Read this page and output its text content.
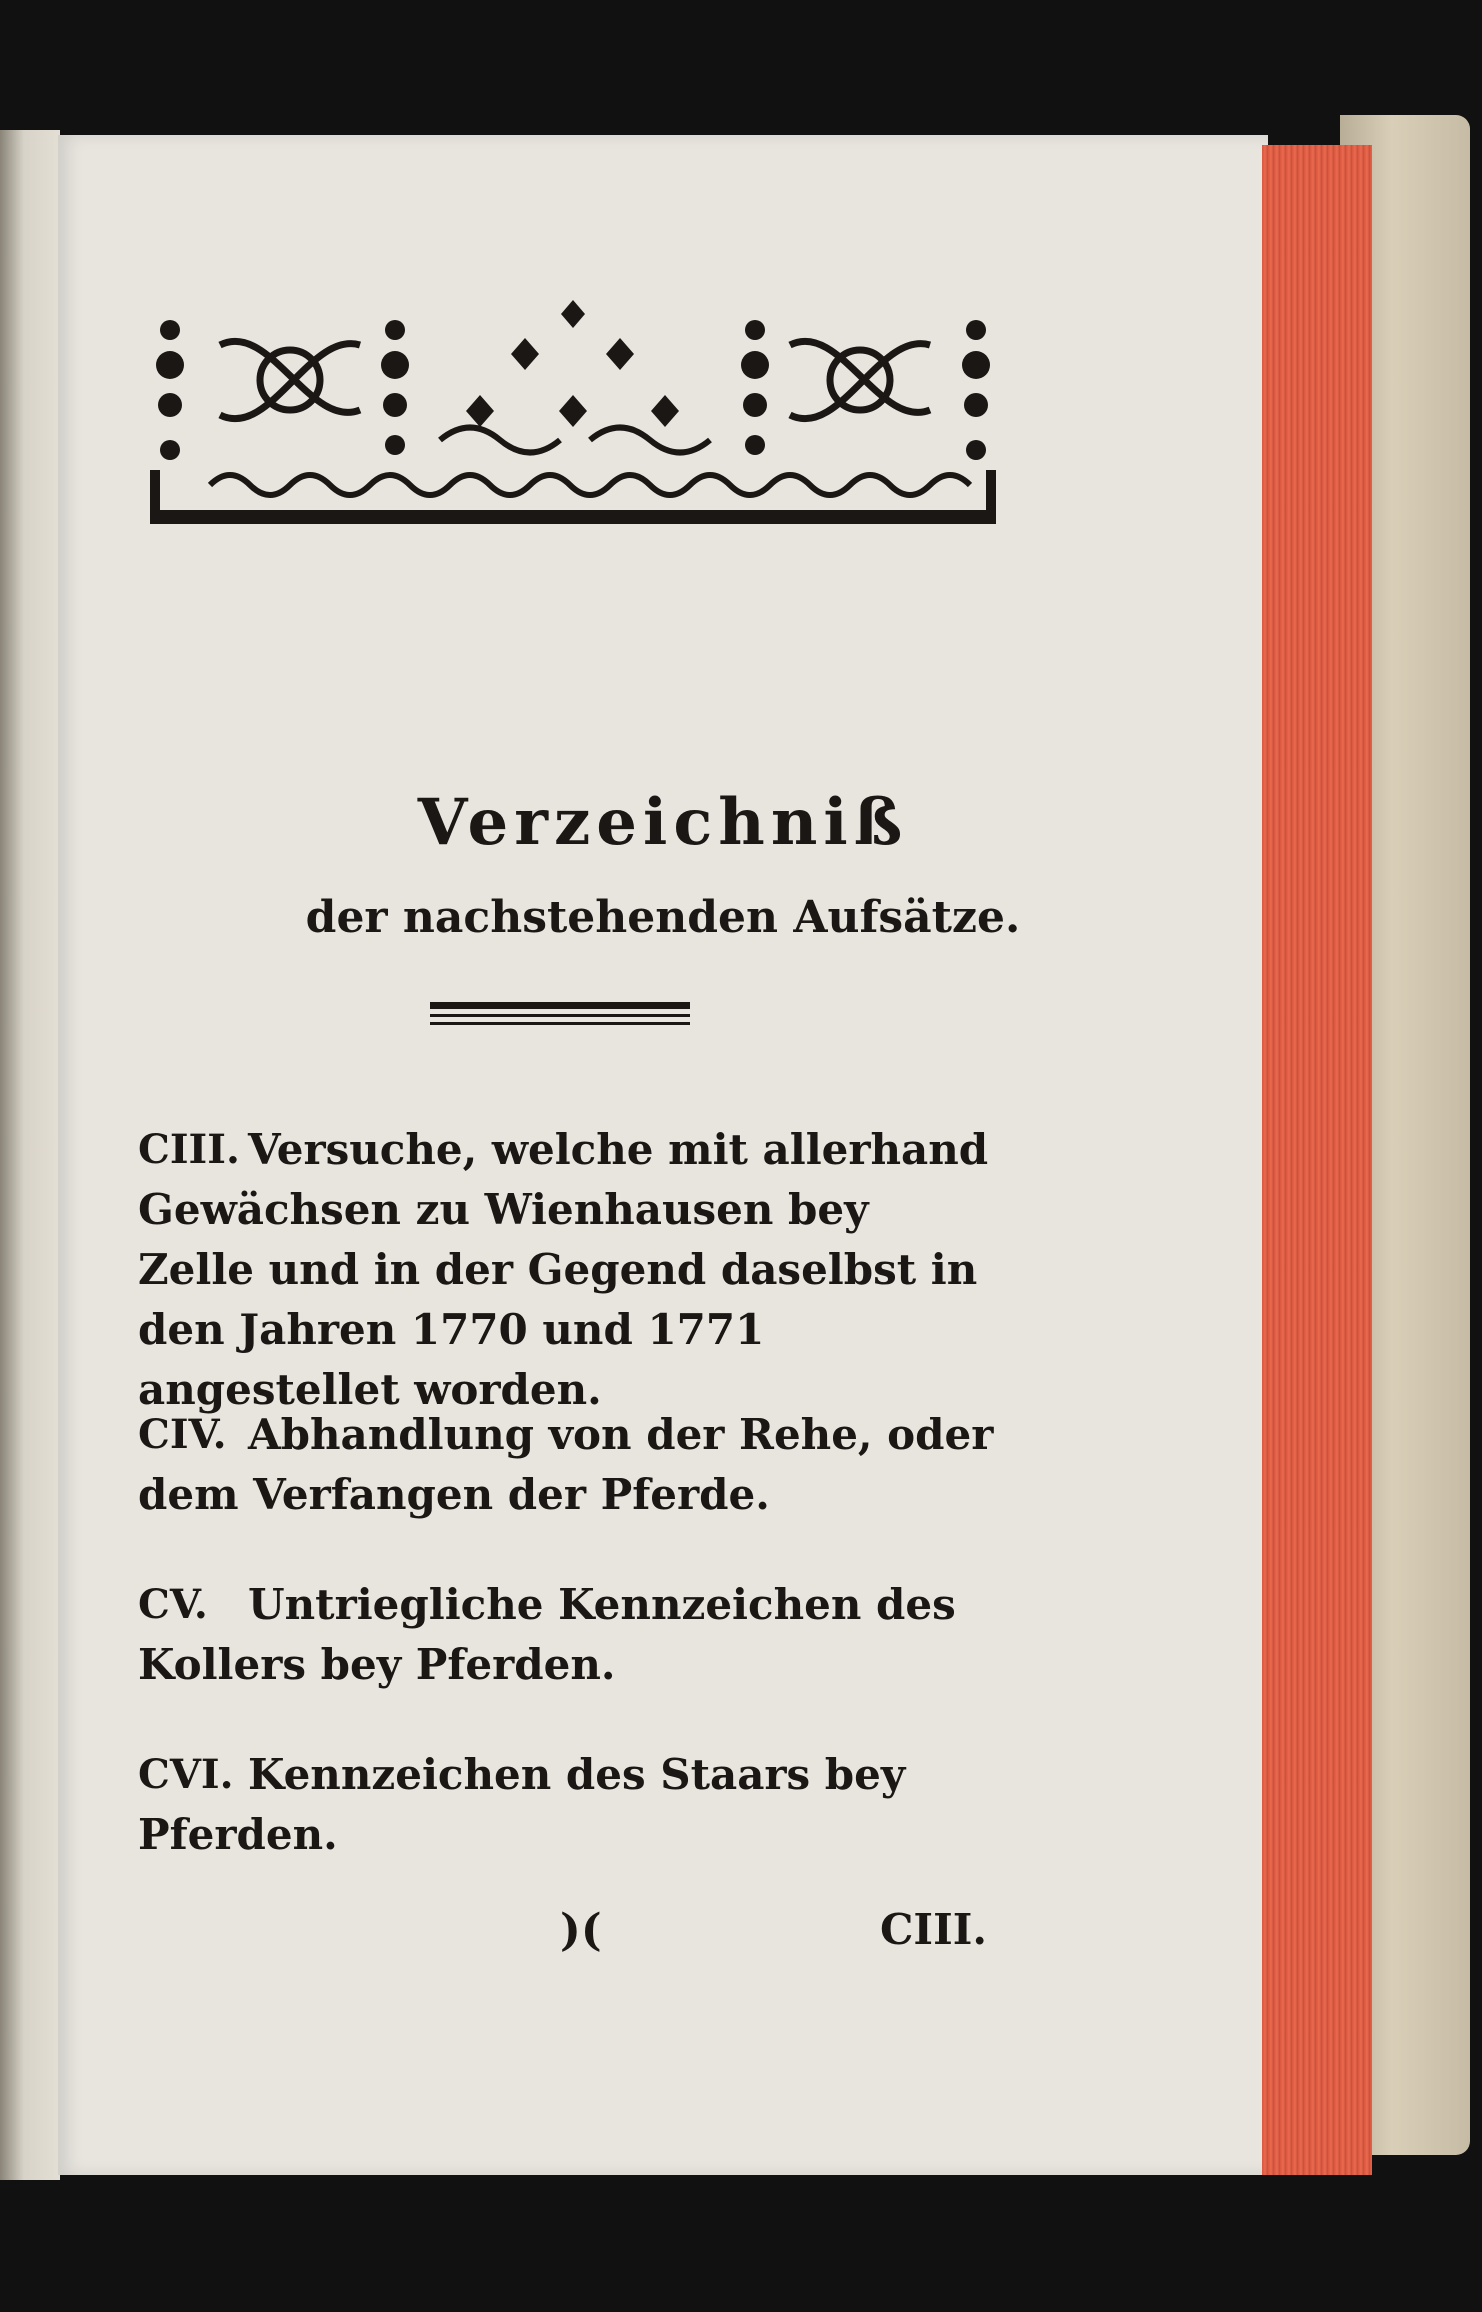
Verzeichniß
der nachstehenden Aufsätze.
CIII. Versuche, welche mit allerhand Gewächsen zu Wienhausen bey Zelle und in der Gegend daselbst in den Jahren 1770 und 1771 angestellet worden.
CIV. Abhandlung von der Rehe, oder dem Verfangen der Pferde.
CV. Untriegliche Kennzeichen des Kollers bey Pferden.
CVI. Kennzeichen des Staars bey Pferden.
)(	CIII.
